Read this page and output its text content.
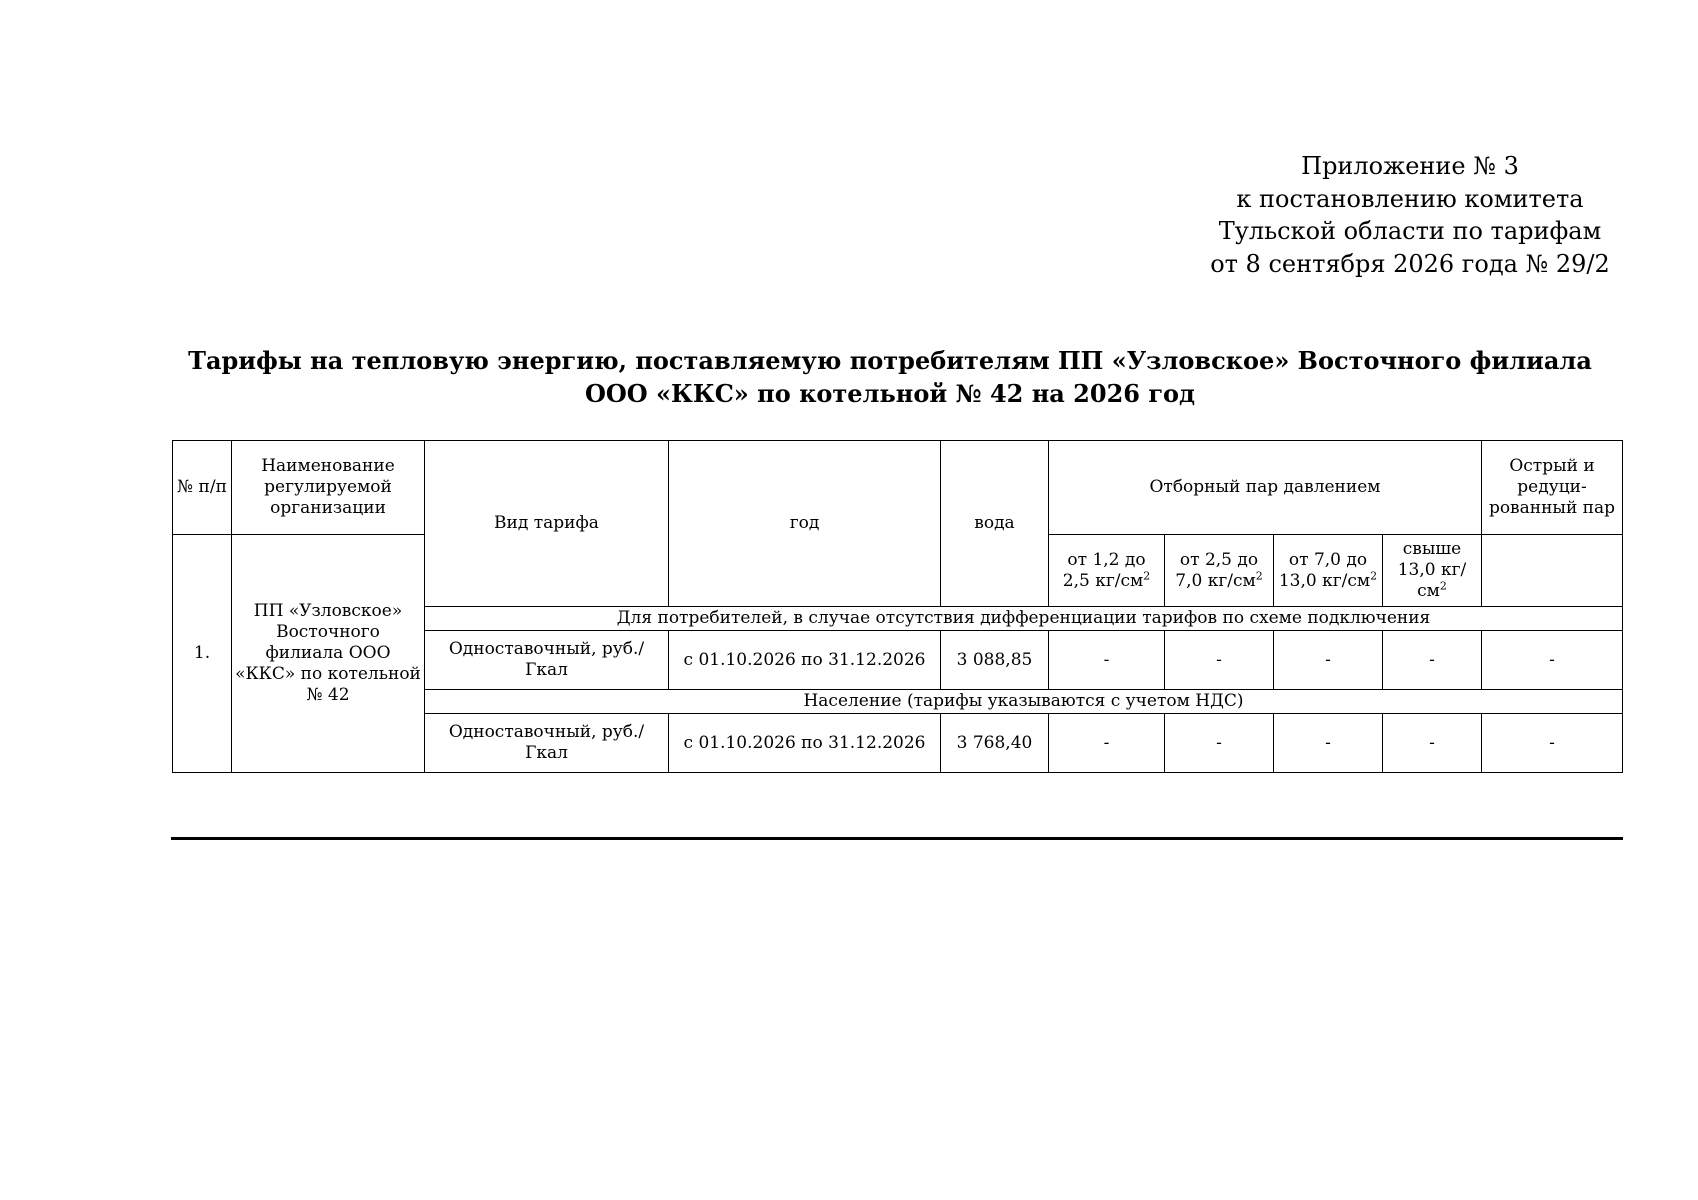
Приложение № 3
к постановлению комитета
Тульской области по тарифам
от 8 сентября 2026 года № 29/2
Тарифы на тепловую энергию, поставляемую потребителям ПП «Узловское» Восточного филиала
ООО «ККС» по котельной № 42 на 2026 год
№ п/п	Наименование регулируемой организации	Вид тарифа	год	вода	Отборный пар давлением				Острый и редуци-рованный пар
1.	ПП «Узловское» Восточного филиала ООО «ККС» по котельной № 42				от 1,2 до 2,5 $кг/см^2$	от 2,5 до 7,0 $кг/см^2$	от 7,0 до 13,0 $кг/см^2$	свыше 13,0 $кг/см^2$	
		Для потребителей, в случае отсутствия дифференциации тарифов по схеме подключения							
		Одноставочный, руб./Гкал	с 01.10.2026 по 31.12.2026	3 088,85	-	-	-	-	-
		Население (тарифы указываются с учетом НДС)							
		Одноставочный, руб./Гкал	с 01.10.2026 по 31.12.2026	3 768,40	-	-	-	-	-
